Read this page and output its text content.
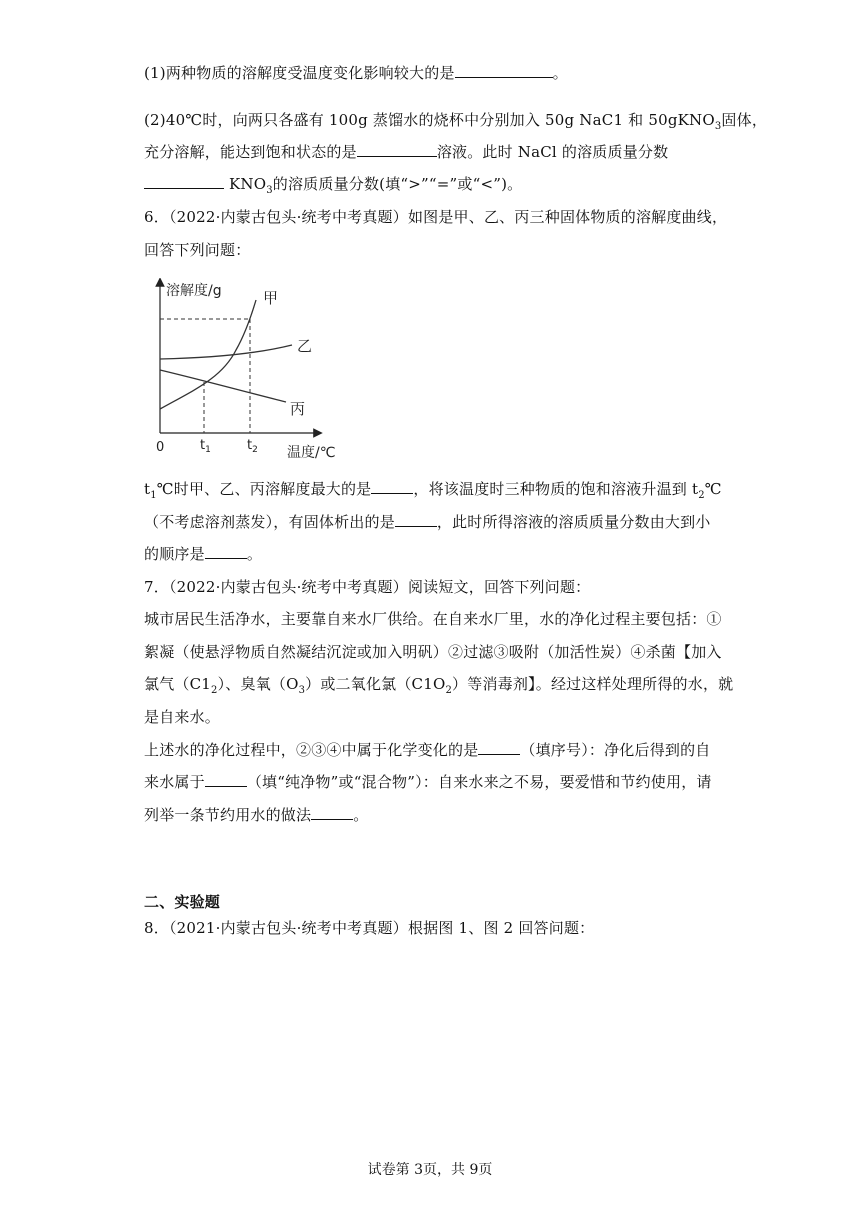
(1)两种物质的溶解度受温度变化影响较大的是	。
(2)40℃时，向两只各盛有 100g 蒸馏水的烧杯中分别加入 50g NaC1 和 50gKNO$_3$固体，
充分溶解，能达到饱和状态的是	溶液。此时 NaCl 的溶质质量分数
$KNO_3$的溶质质量分数(填“>”“=”或“<”)。
6．（2022·内蒙古包头·统考中考真题）如图是甲、乙、丙三种固体物质的溶解度曲线，
回答下列问题：
溶解度/g
温度/℃
0	$t_1$	$t_2$
甲
乙
丙
$t_1℃$时甲、乙、丙溶解度最大的是	，将该温度时三种物质的饱和溶液升温到 $t_2℃$
（不考虑溶剂蒸发），有固体析出的是	，此时所得溶液的溶质质量分数由大到小
的顺序是	。
7．（2022·内蒙古包头·统考中考真题）阅读短文，回答下列问题：
城市居民生活净水，主要靠自来水厂供给。在自来水厂里，水的净化过程主要包括：①
絮凝（使悬浮物质自然凝结沉淀或加入明矾）②过滤③吸附（加活性炭）④杀菌【加入
氯气$(C1_2)$、臭氧$(O_3)$或二氧化氯$(C1O_2)$等消毒剂】。经过这样处理所得的水，就
是自来水。
上述水的净化过程中，②③④中属于化学变化的是	（填序号）：净化后得到的自
来水属于	（填“纯净物”或“混合物”）：自来水来之不易，要爱惜和节约使用，请
列举一条节约用水的做法	。
二、实验题
8．（2021·内蒙古包头·统考中考真题）根据图 1、图 2 回答问题：
试卷第 3页，共 9页
